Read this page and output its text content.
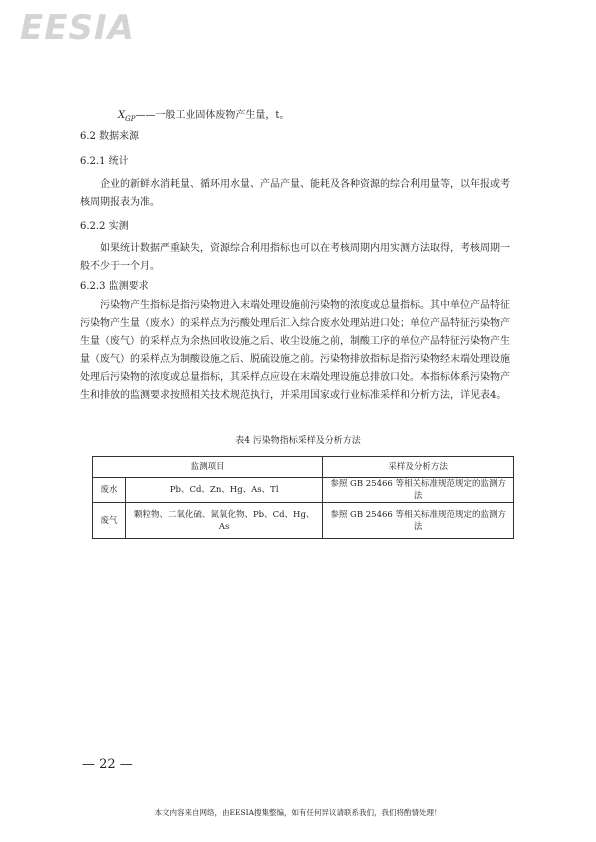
EESIA
$X_{GP}——$一般工业固体废物产生量，t。
6.2 数据来源
6.2.1 统计
企业的新鲜水消耗量、循环用水量、产品产量、能耗及各种资源的综合利用量等，以年报或考核周期报表为准。
6.2.2 实测
如果统计数据严重缺失，资源综合利用指标也可以在考核周期内用实测方法取得，考核周期一般不少于一个月。
6.2.3 监测要求
污染物产生指标是指污染物进入末端处理设施前污染物的浓度或总量指标。其中单位产品特征污染物产生量（废水）的采样点为污酸处理后汇入综合废水处理站进口处；单位产品特征污染物产生量（废气）的采样点为余热回收设施之后、收尘设施之前，制酸工序的单位产品特征污染物产生量（废气）的采样点为制酸设施之后、脱硫设施之前。污染物排放指标是指污染物经末端处理设施处理后污染物的浓度或总量指标，其采样点应设在末端处理设施总排放口处。本指标体系污染物产生和排放的监测要求按照相关技术规范执行，并采用国家或行业标准采样和分析方法，详见表4。
表4 污染物指标采样及分析方法
监测项目		采样及分析方法
废水	Pb、Cd、Zn、Hg、As、Tl	参照 GB 25466 等相关标准规范规定的监测方法
废气	颗粒物、二氧化硫、氮氧化物、Pb、Cd、Hg、As	参照 GB 25466 等相关标准规范规定的监测方法
— 22 —
本文内容来自网络，由EESIA搜集整编，如有任何异议请联系我们，我们将酌情处理！
